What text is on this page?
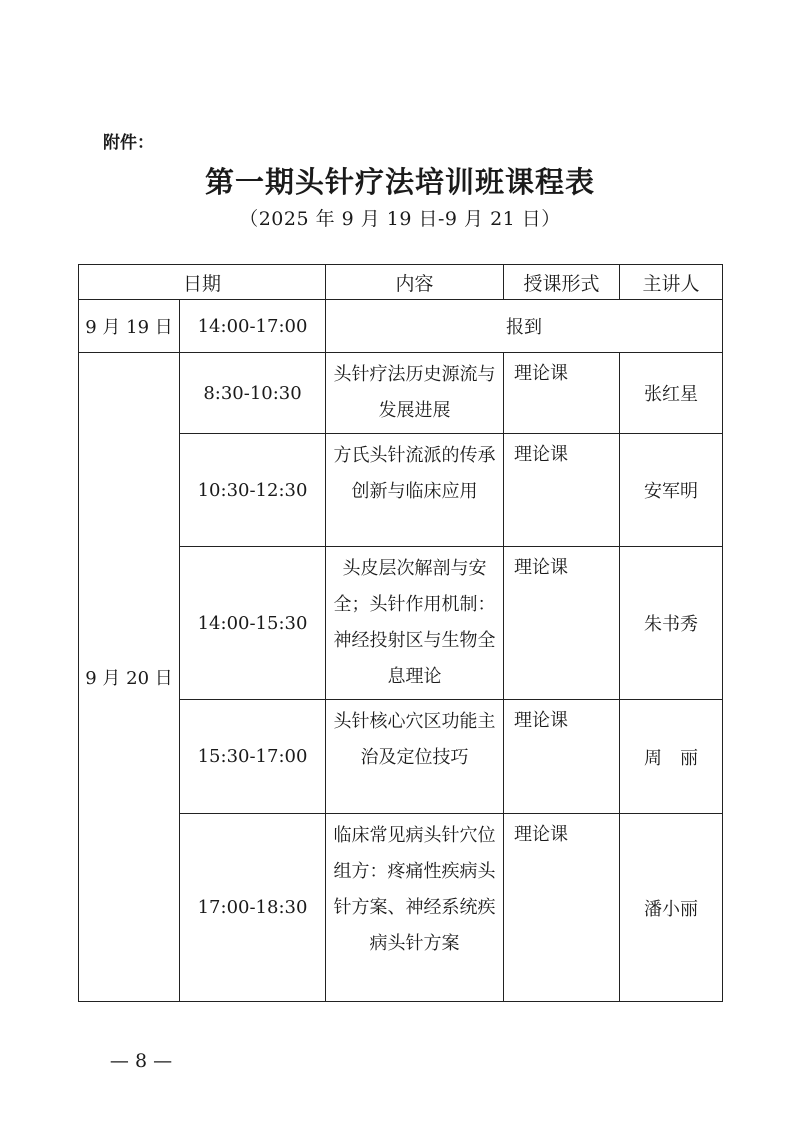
附件：
第一期头针疗法培训班课程表
（2025 年 9 月 19 日-9 月 21 日）
日期		内容	授课形式	主讲人
9 月 19 日	14:00-17:00	报到		
9 月 20 日	8:30-10:30	头针疗法历史源流与发展进展	理论课	张红星
	10:30-12:30	方氏头针流派的传承创新与临床应用	理论课	安军明
	14:00-15:30	头皮层次解剖与安全；头针作用机制：神经投射区与生物全息理论	理论课	朱书秀
	15:30-17:00	头针核心穴区功能主治及定位技巧	理论课	周　丽
	17:00-18:30	临床常见病头针穴位组方：疼痛性疾病头针方案、神经系统疾病头针方案	理论课	潘小丽
— 8 —
